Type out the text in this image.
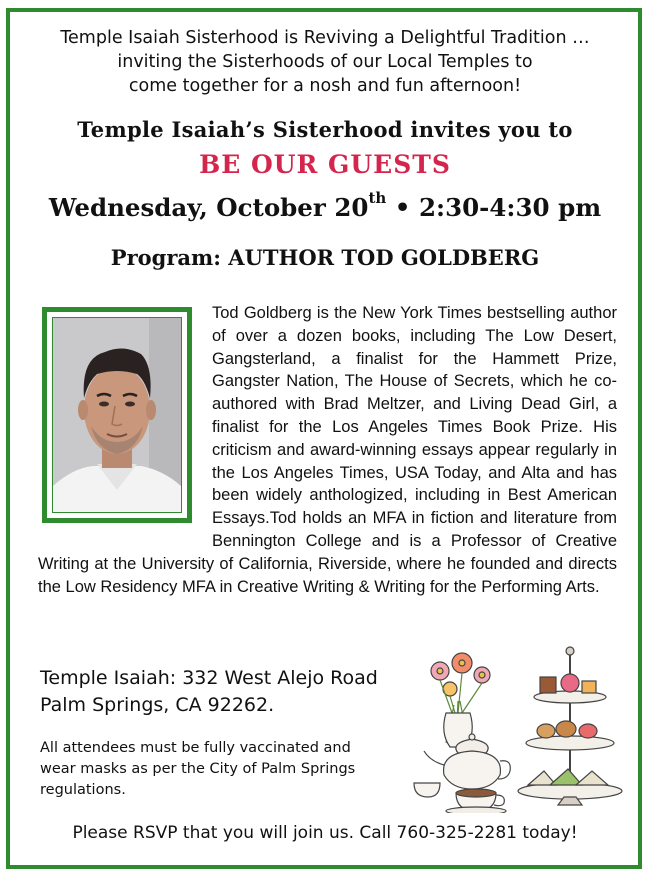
Temple Isaiah Sisterhood is Reviving a Delightful Tradition …
inviting the Sisterhoods of our Local Temples to
come together for a nosh and fun afternoon!
Temple Isaiah’s Sisterhood invites you to
BE OUR GUESTS
Wednesday, October 20th • 2:30-4:30 pm
Program: AUTHOR TOD GOLDBERG
Tod Goldberg is the New York Times bestselling author of over a dozen books, including The Low Desert, Gangsterland, a finalist for the Hammett Prize, Gangster Nation, The House of Secrets, which he co-authored with Brad Meltzer, and Living Dead Girl, a finalist for the Los Angeles Times Book Prize. His criticism and award-winning essays appear regularly in the Los Angeles Times, USA Today, and Alta and has been widely anthologized, including in Best American Essays.Tod holds an MFA in fiction and literature from Bennington College and is a Professor of Creative Writing at the University of California, Riverside, where he founded and directs the Low Residency MFA in Creative Writing & Writing for the Performing Arts.
Temple Isaiah: 332 West Alejo Road
Palm Springs, CA 92262.
All attendees must be fully vaccinated and
wear masks as per the City of Palm Springs
regulations.
Please RSVP that you will join us. Call 760-325-2281 today!
